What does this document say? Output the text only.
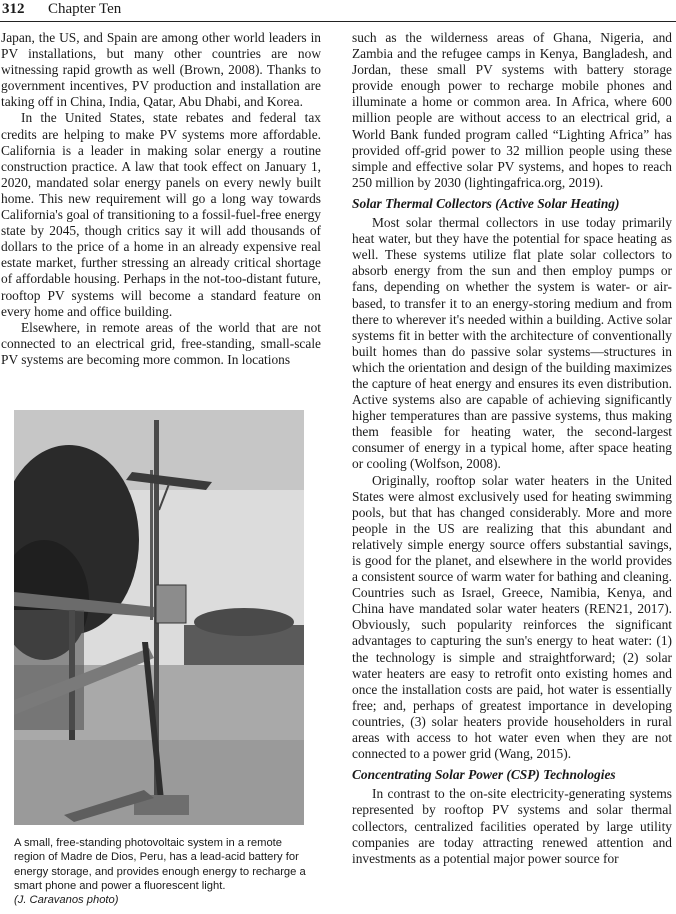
312 Chapter Ten

Japan, the US, and Spain are among other world leaders in PV installations, but many other countries are now witnessing rapid growth as well (Brown, 2008). Thanks to government incentives, PV production and installation are taking off in China, India, Qatar, Abu Dhabi, and Korea.

In the United States, state rebates and federal tax credits are helping to make PV systems more affordable. California is a leader in making solar energy a routine construction practice. A law that took effect on January 1, 2020, mandated solar energy panels on every newly built home. This new requirement will go a long way towards California's goal of transitioning to a fossil-fuel-free energy state by 2045, though critics say it will add thousands of dollars to the price of a home in an already expensive real estate market, further stressing an already critical shortage of affordable housing. Perhaps in the not-too-distant future, rooftop PV systems will become a standard feature on every home and office building.

Elsewhere, in remote areas of the world that are not connected to an electrical grid, free-standing, small-scale PV systems are becoming more common. In locations

A small, free-standing photovoltaic system in a remote region of Madre de Dios, Peru, has a lead-acid battery for energy storage, and provides enough energy to recharge a smart phone and power a fluorescent light.

(J. Caravanos photo)

such as the wilderness areas of Ghana, Nigeria, and Zambia and the refugee camps in Kenya, Bangladesh, and Jordan, these small PV systems with battery storage provide enough power to recharge mobile phones and illuminate a home or common area. In Africa, where 600 million people are without access to an electrical grid, a World Bank funded program called “Lighting Africa” has provided off-grid power to 32 million people using these simple and effective solar PV systems, and hopes to reach 250 million by 2030 (lightingafrica.org, 2019).

Solar Thermal Collectors (Active Solar Heating)

Most solar thermal collectors in use today primarily heat water, but they have the potential for space heating as well. These systems utilize flat plate solar collectors to absorb energy from the sun and then employ pumps or fans, depending on whether the system is water- or air-based, to transfer it to an energy-storing medium and from there to wherever it's needed within a building. Active solar systems fit in better with the architecture of conventionally built homes than do passive solar systems—structures in which the orientation and design of the building maximizes the capture of heat energy and ensures its even distribution. Active systems also are capable of achieving significantly higher temperatures than are passive systems, thus making them feasible for heating water, the second-largest consumer of energy in a typical home, after space heating or cooling (Wolfson, 2008).

Originally, rooftop solar water heaters in the United States were almost exclusively used for heating swimming pools, but that has changed considerably. More and more people in the US are realizing that this abundant and relatively simple energy source offers substantial savings, is good for the planet, and elsewhere in the world provides a consistent source of warm water for bathing and cleaning. Countries such as Israel, Greece, Namibia, Kenya, and China have mandated solar water heaters (REN21, 2017). Obviously, such popularity reinforces the significant advantages to capturing the sun's energy to heat water: (1) the technology is simple and straightforward; (2) solar water heaters are easy to retrofit onto existing homes and once the installation costs are paid, hot water is essentially free; and, perhaps of greatest importance in developing countries, (3) solar heaters provide householders in rural areas with access to hot water even when they are not connected to a power grid (Wang, 2015).

Concentrating Solar Power (CSP) Technologies

In contrast to the on-site electricity-generating systems represented by rooftop PV systems and solar thermal collectors, centralized facilities operated by large utility companies are today attracting renewed attention and investments as a potential major power source for
